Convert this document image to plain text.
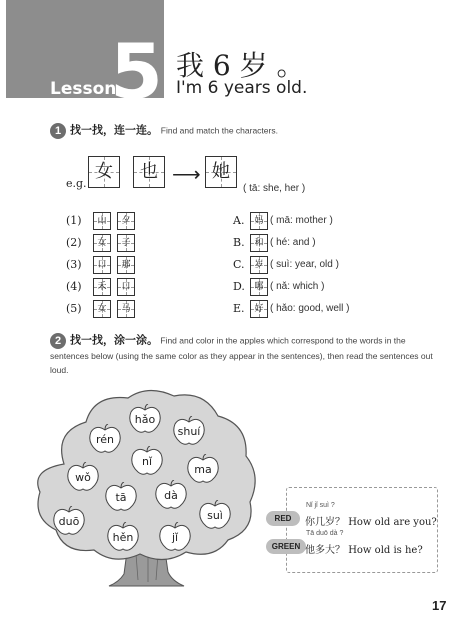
Lesson
5 我 6 岁 。
I'm 6 years old.
1 找一找，连一连。 Find and match the characters.
e.g.
女	也 ⟶ 她
( tā: she, her )
(1)	山	夕
(2)	女	子
(3)	口	那
(4)	禾	口
(5)	女	马
A.	妈 ( mā: mother )
B.	和 ( hé: and )
C.	岁 ( suì: year, old )
D.	哪 ( nǎ: which )
E.	好 ( hǎo: good, well )
2 找一找，涂一涂。 Find and color in the apples which correspond to the words in the sentences below (using the same color as they appear in the sentences), then read the sentences out loud.
hǎo
rén
shuí
nǐ
wǒ
ma
tā	dà
duō	suì
hěn	jǐ
RED
Nǐ jǐ suì ?
你几岁？ How old are you?
GREEN
Tā duō dà ?
他多大？ How old is he?
17
